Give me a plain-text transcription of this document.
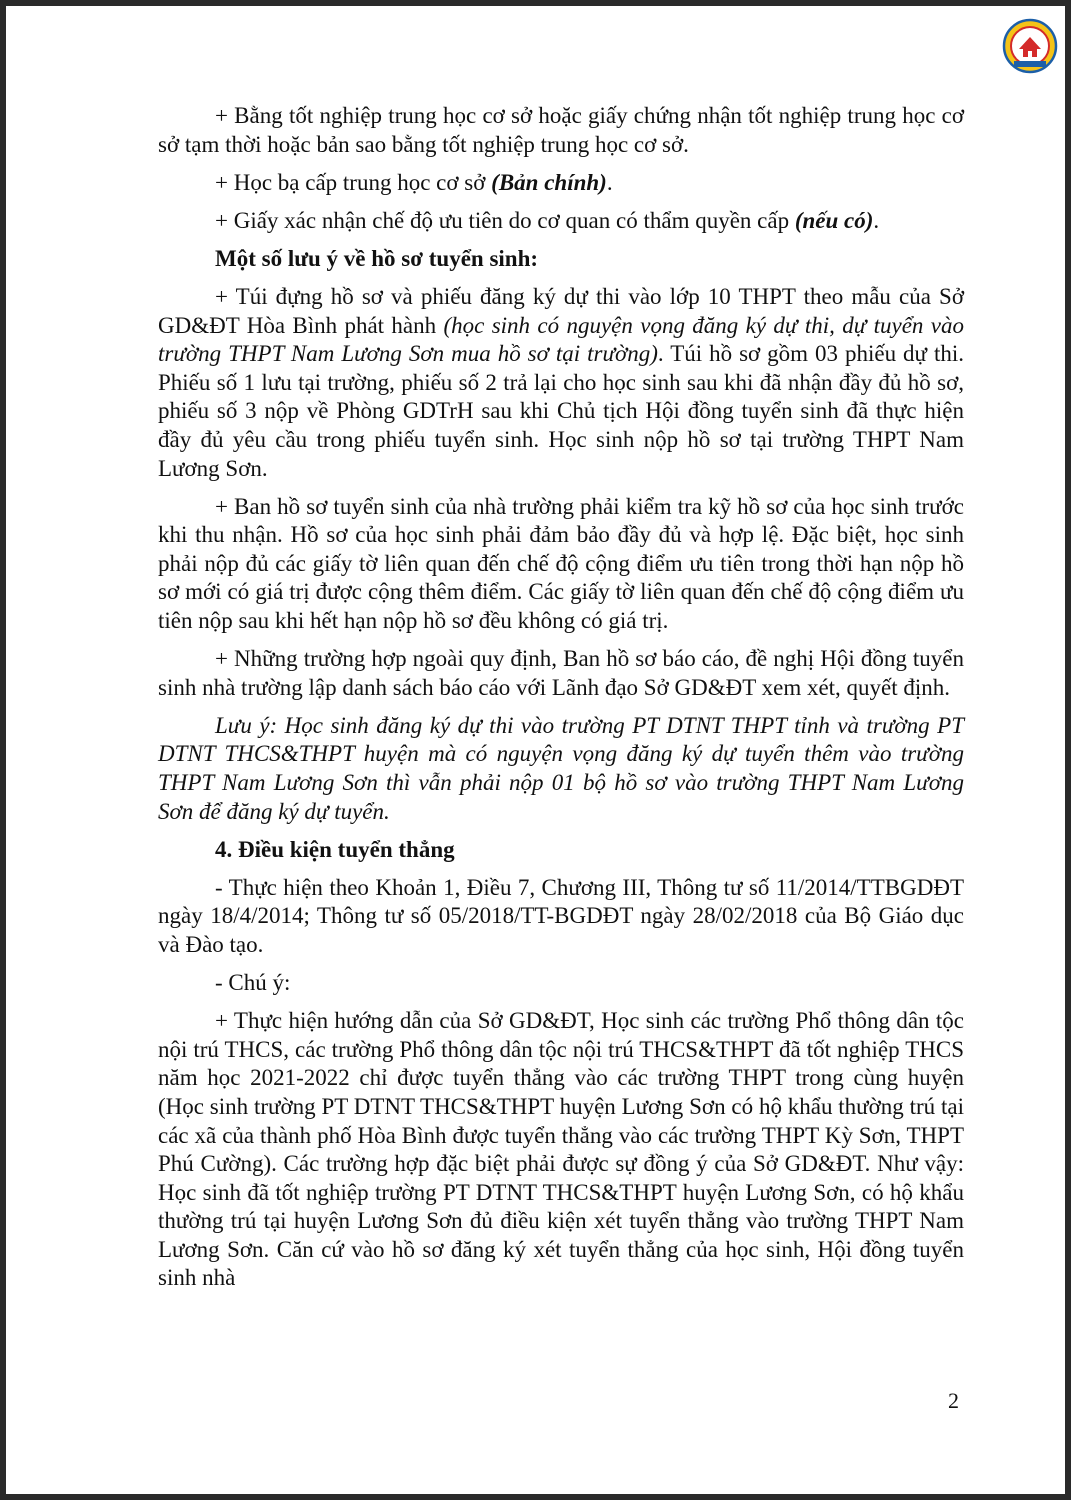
+ Bằng tốt nghiệp trung học cơ sở hoặc giấy chứng nhận tốt nghiệp trung học cơ sở tạm thời hoặc bản sao bằng tốt nghiệp trung học cơ sở.

+ Học bạ cấp trung học cơ sở (Bản chính).

+ Giấy xác nhận chế độ ưu tiên do cơ quan có thẩm quyền cấp (nếu có).

Một số lưu ý về hồ sơ tuyển sinh:

+ Túi đựng hồ sơ và phiếu đăng ký dự thi vào lớp 10 THPT theo mẫu của Sở GD&ĐT Hòa Bình phát hành (học sinh có nguyện vọng đăng ký dự thi, dự tuyển vào trường THPT Nam Lương Sơn mua hồ sơ tại trường). Túi hồ sơ gồm 03 phiếu dự thi. Phiếu số 1 lưu tại trường, phiếu số 2 trả lại cho học sinh sau khi đã nhận đầy đủ hồ sơ, phiếu số 3 nộp về Phòng GDTrH sau khi Chủ tịch Hội đồng tuyển sinh đã thực hiện đầy đủ yêu cầu trong phiếu tuyển sinh. Học sinh nộp hồ sơ tại trường THPT Nam Lương Sơn.

+ Ban hồ sơ tuyển sinh của nhà trường phải kiểm tra kỹ hồ sơ của học sinh trước khi thu nhận. Hồ sơ của học sinh phải đảm bảo đầy đủ và hợp lệ. Đặc biệt, học sinh phải nộp đủ các giấy tờ liên quan đến chế độ cộng điểm ưu tiên trong thời hạn nộp hồ sơ mới có giá trị được cộng thêm điểm. Các giấy tờ liên quan đến chế độ cộng điểm ưu tiên nộp sau khi hết hạn nộp hồ sơ đều không có giá trị.

+ Những trường hợp ngoài quy định, Ban hồ sơ báo cáo, đề nghị Hội đồng tuyển sinh nhà trường lập danh sách báo cáo với Lãnh đạo Sở GD&ĐT xem xét, quyết định.

Lưu ý: Học sinh đăng ký dự thi vào trường PT DTNT THPT tỉnh và trường PT DTNT THCS&THPT huyện mà có nguyện vọng đăng ký dự tuyển thêm vào trường THPT Nam Lương Sơn thì vẫn phải nộp 01 bộ hồ sơ vào trường THPT Nam Lương Sơn để đăng ký dự tuyển.

4. Điều kiện tuyển thẳng

- Thực hiện theo Khoản 1, Điều 7, Chương III, Thông tư số 11/2014/TTBGDĐT ngày 18/4/2014; Thông tư số 05/2018/TT-BGDĐT ngày 28/02/2018 của Bộ Giáo dục và Đào tạo.

- Chú ý:

+ Thực hiện hướng dẫn của Sở GD&ĐT, Học sinh các trường Phổ thông dân tộc nội trú THCS, các trường Phổ thông dân tộc nội trú THCS&THPT đã tốt nghiệp THCS năm học 2021-2022 chỉ được tuyển thẳng vào các trường THPT trong cùng huyện (Học sinh trường PT DTNT THCS&THPT huyện Lương Sơn có hộ khẩu thường trú tại các xã của thành phố Hòa Bình được tuyển thẳng vào các trường THPT Kỳ Sơn, THPT Phú Cường). Các trường hợp đặc biệt phải được sự đồng ý của Sở GD&ĐT. Như vậy: Học sinh đã tốt nghiệp trường PT DTNT THCS&THPT huyện Lương Sơn, có hộ khẩu thường trú tại huyện Lương Sơn đủ điều kiện xét tuyển thẳng vào trường THPT Nam Lương Sơn. Căn cứ vào hồ sơ đăng ký xét tuyển thẳng của học sinh, Hội đồng tuyển sinh nhà

2
